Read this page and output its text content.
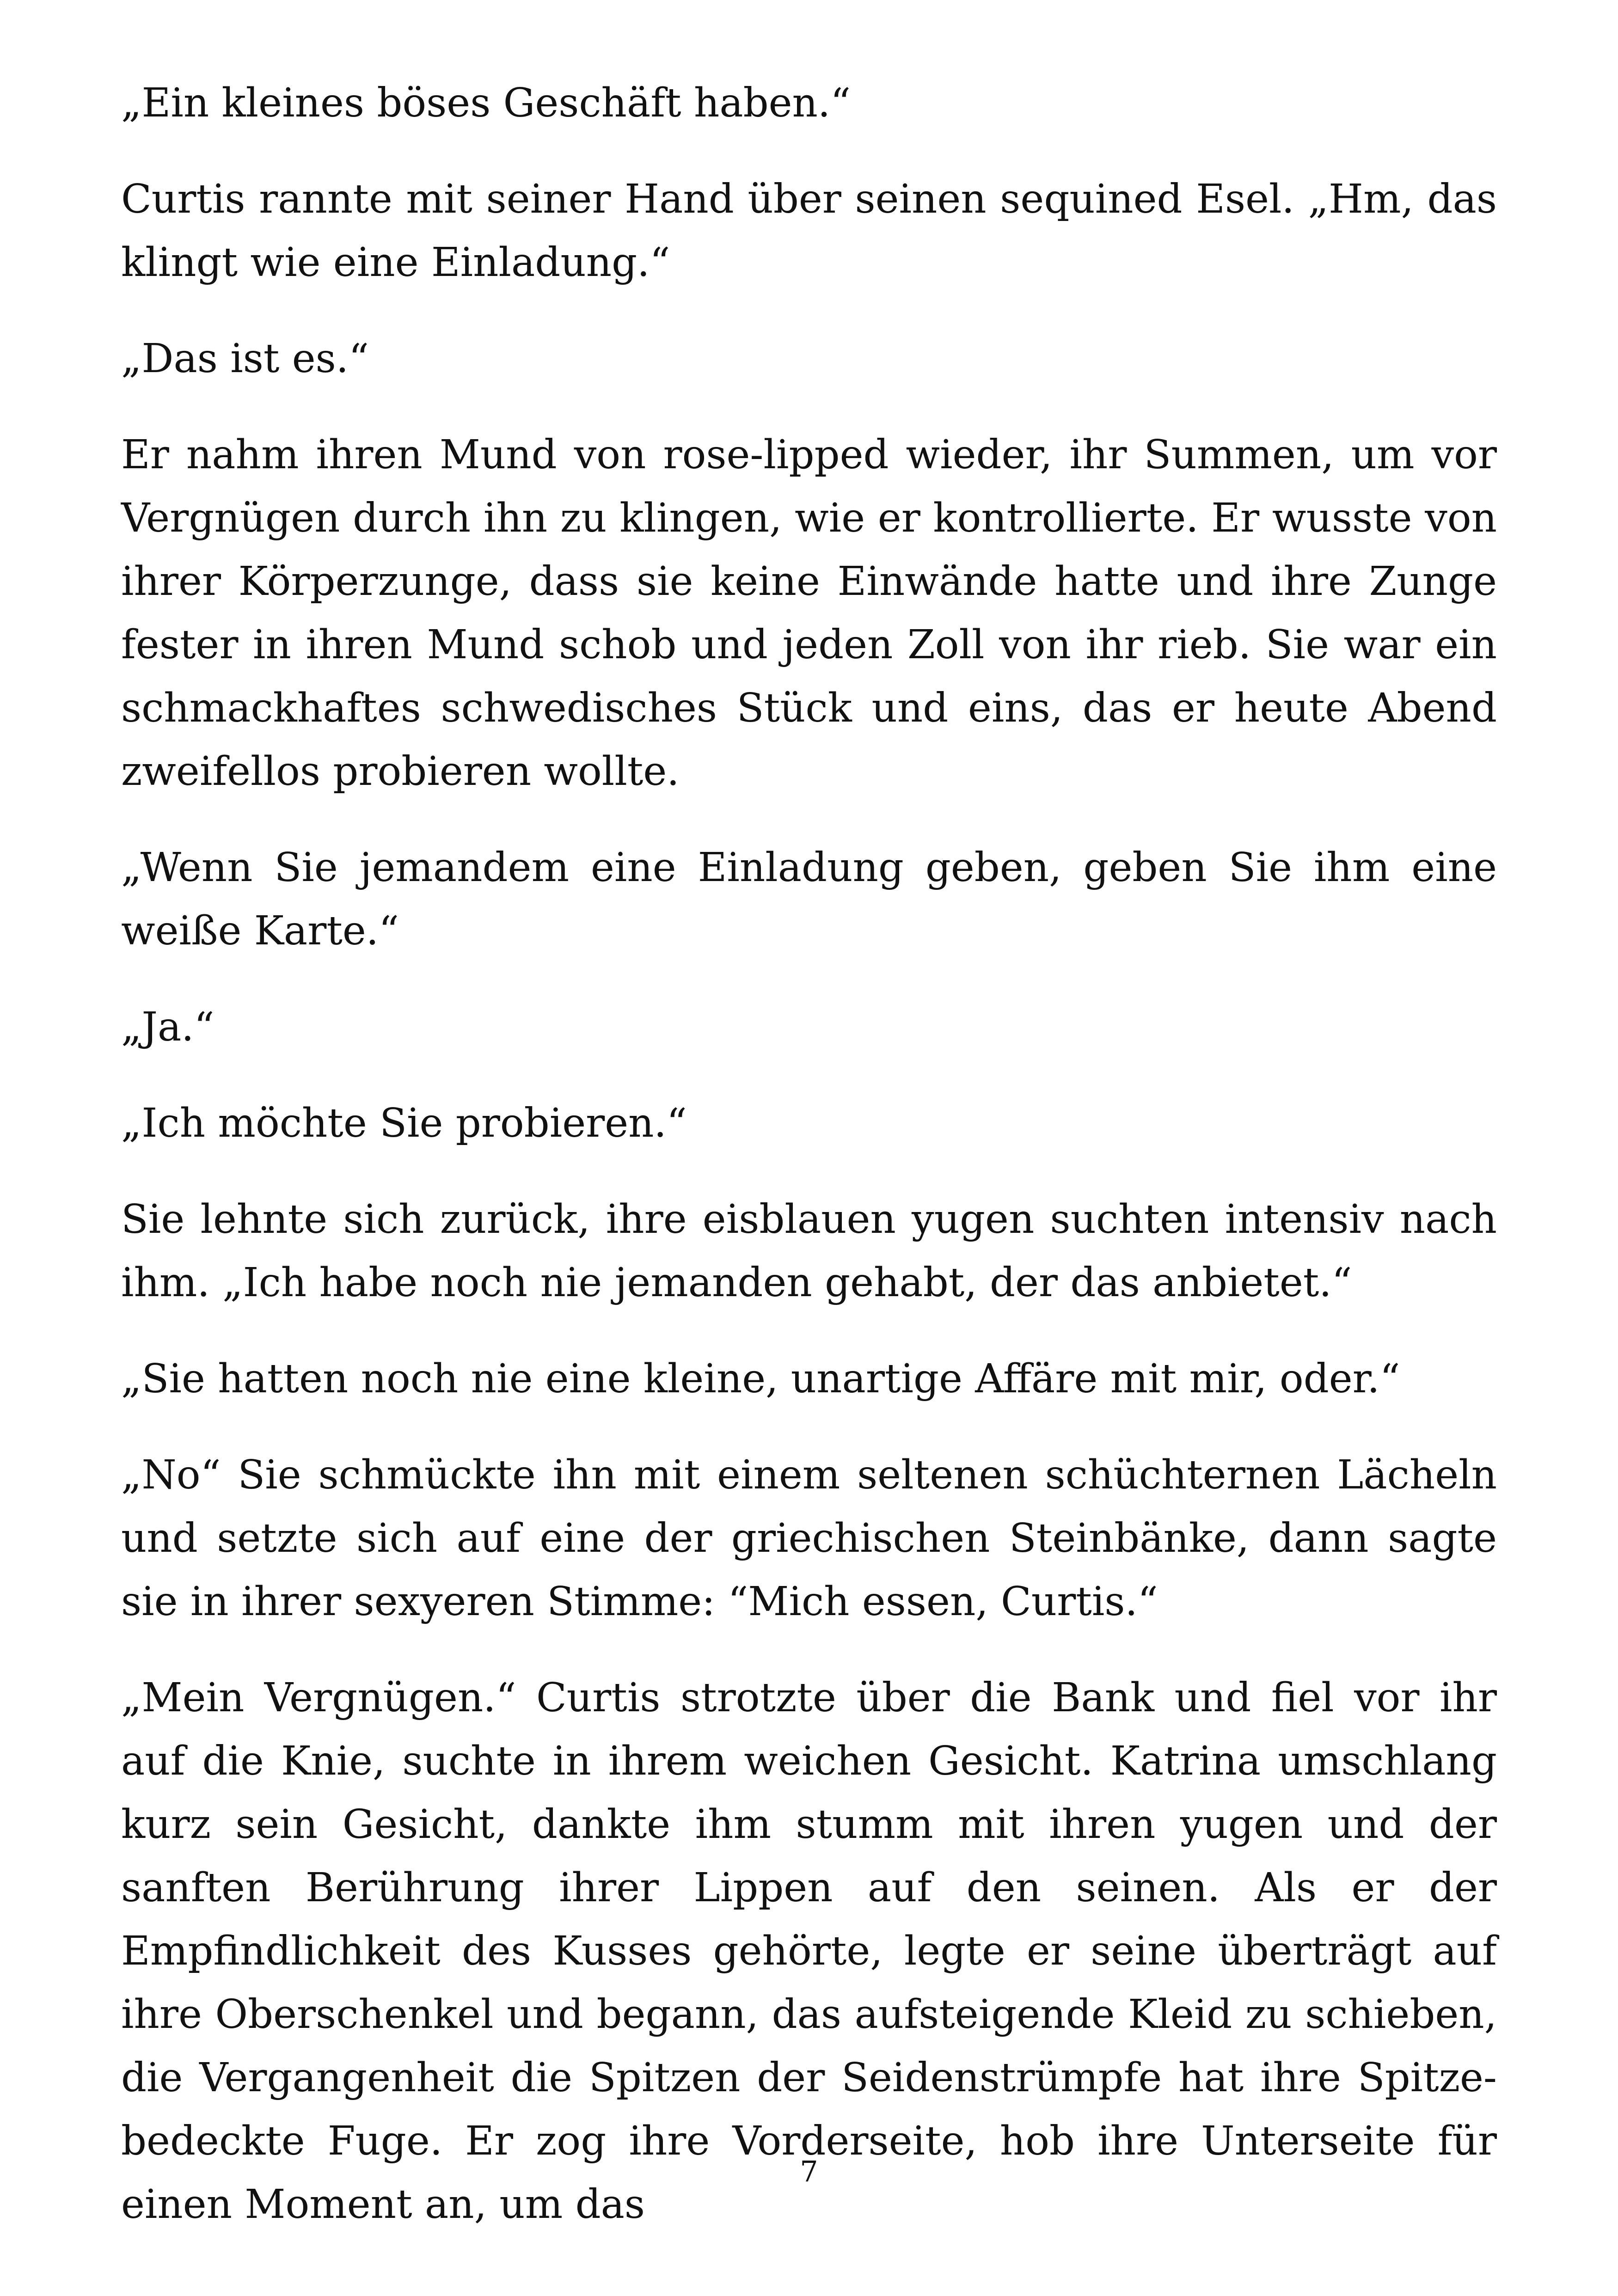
„Ein kleines böses Geschäft haben.“

Curtis rannte mit seiner Hand über seinen sequined Esel. „Hm, das klingt wie eine Einladung.“

„Das ist es.“

Er nahm ihren Mund von rose-lipped wieder, ihr Summen, um vor Vergnügen durch ihn zu klingen, wie er kontrollierte. Er wusste von ihrer Körperzunge, dass sie keine Einwände hatte und ihre Zunge fester in ihren Mund schob und jeden Zoll von ihr rieb. Sie war ein schmackhaftes schwedisches Stück und eins, das er heute Abend zweifellos probieren wollte.

„Wenn Sie jemandem eine Einladung geben, geben Sie ihm eine weiße Karte.“

„Ja.“

„Ich möchte Sie probieren.“

Sie lehnte sich zurück, ihre eisblauen yugen suchten intensiv nach ihm. „Ich habe noch nie jemanden gehabt, der das anbietet.“

„Sie hatten noch nie eine kleine, unartige Affäre mit mir, oder.“

„No“ Sie schmückte ihn mit einem seltenen schüchternen Lächeln und setzte sich auf eine der griechischen Steinbänke, dann sagte sie in ihrer sexyeren Stimme: “Mich essen, Curtis.“

„Mein Vergnügen.“ Curtis strotzte über die Bank und fiel vor ihr auf die Knie, suchte in ihrem weichen Gesicht. Katrina umschlang kurz sein Gesicht, dankte ihm stumm mit ihren yugen und der sanften Berührung ihrer Lippen auf den seinen. Als er der Empfindlichkeit des Kusses gehörte, legte er seine überträgt auf ihre Oberschenkel und begann, das aufsteigende Kleid zu schieben, die Vergangenheit die Spitzen der Seidenstrümpfe hat ihre Spitze-bedeckte Fuge. Er zog ihre Vorderseite, hob ihre Unterseite für einen Moment an, um das

7
